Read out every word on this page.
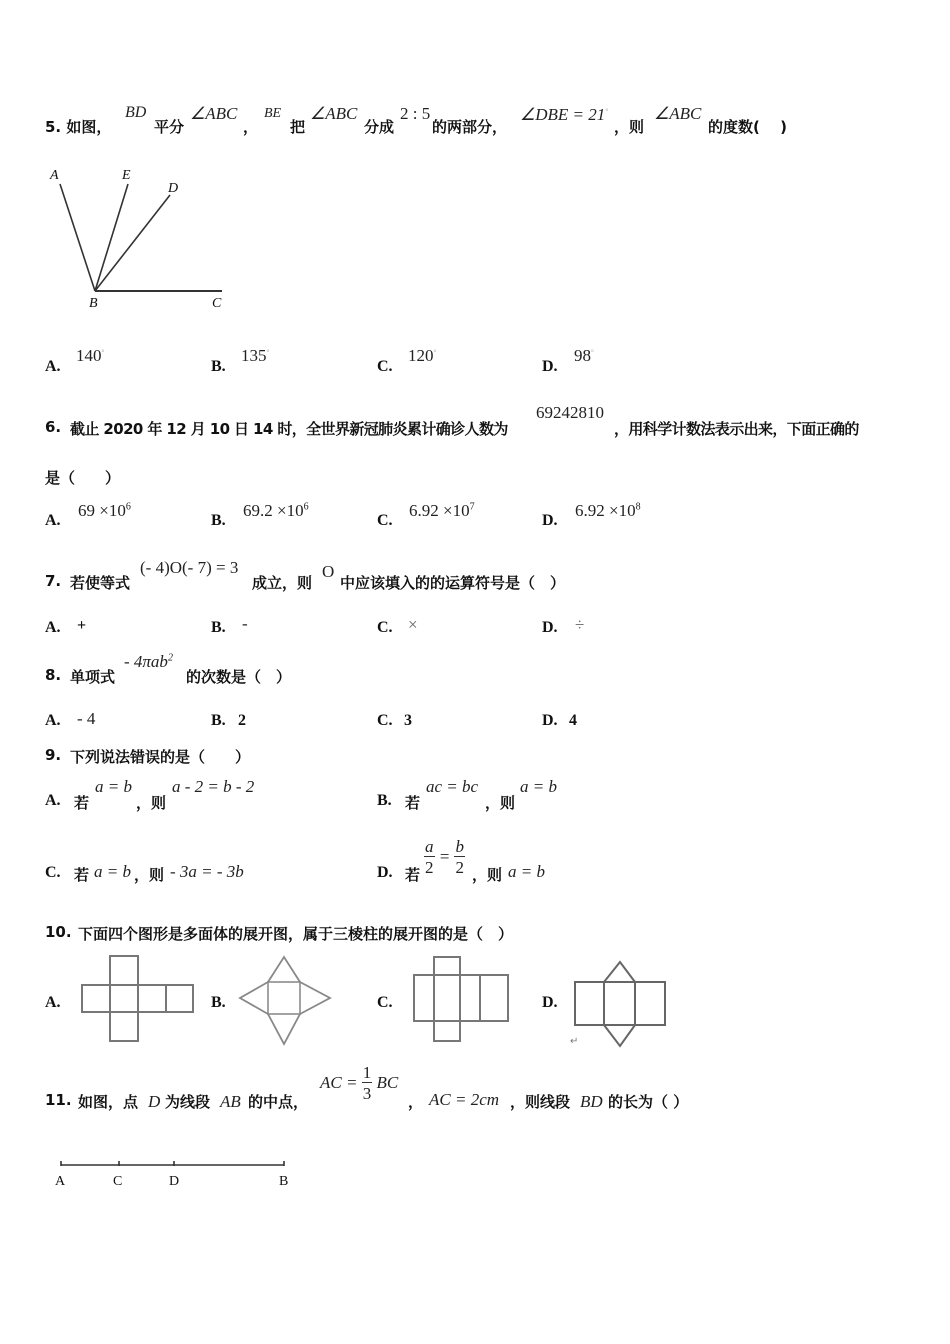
5. 如图，
BD
平分
∠ABC
，
BE
把
∠ABC
分成
2 : 5
的两部分，
∠DBE = 21°
，则
∠ABC
的度数(　 )
A	E
D
B	C
A.
140°
B.
135°
C.
120°
D.
98°
6. 截止 2020 年 12 月 10 日 14 时，全世界新冠肺炎累计确诊人数为
69242810
，用科学计数法表示出来，下面正确的
是（　　）
A.
$69 \times 10^6$
B.
$69.2 \times 10^6$
C.
$6.92 \times 10^7$
D.
$6.92 \times 10^8$
7. 若使等式
(- 4)O(- 7) = 3
成立，则
O
中应该填入的的运算符号是（　）
A. +	B. -	C. ×	D. ÷
8. 单项式
- 4πab$^2$
的次数是（　）
A. - 4	B. 2	C. 3	D. 4
9. 下列说法错误的是（　　）
A. 若
a = b
，则
a - 2 = b - 2
B. 若
ac = bc
，则
a = b
C. 若 a = b ，则 - 3a = - 3b	D. 若 $\frac{a}{2} = \frac{b}{2}$ ，则 a = b
10. 下面四个图形是多面体的展开图，属于三棱柱的展开图的是（　）
A.	B.	C.	D.
↵
11. 如图，点 D 为线段 AB 的中点，
AC = $\frac{1}{3}$ BC
， AC = 2cm ，则线段 BD 的长为（ ）
A	C	D	B
